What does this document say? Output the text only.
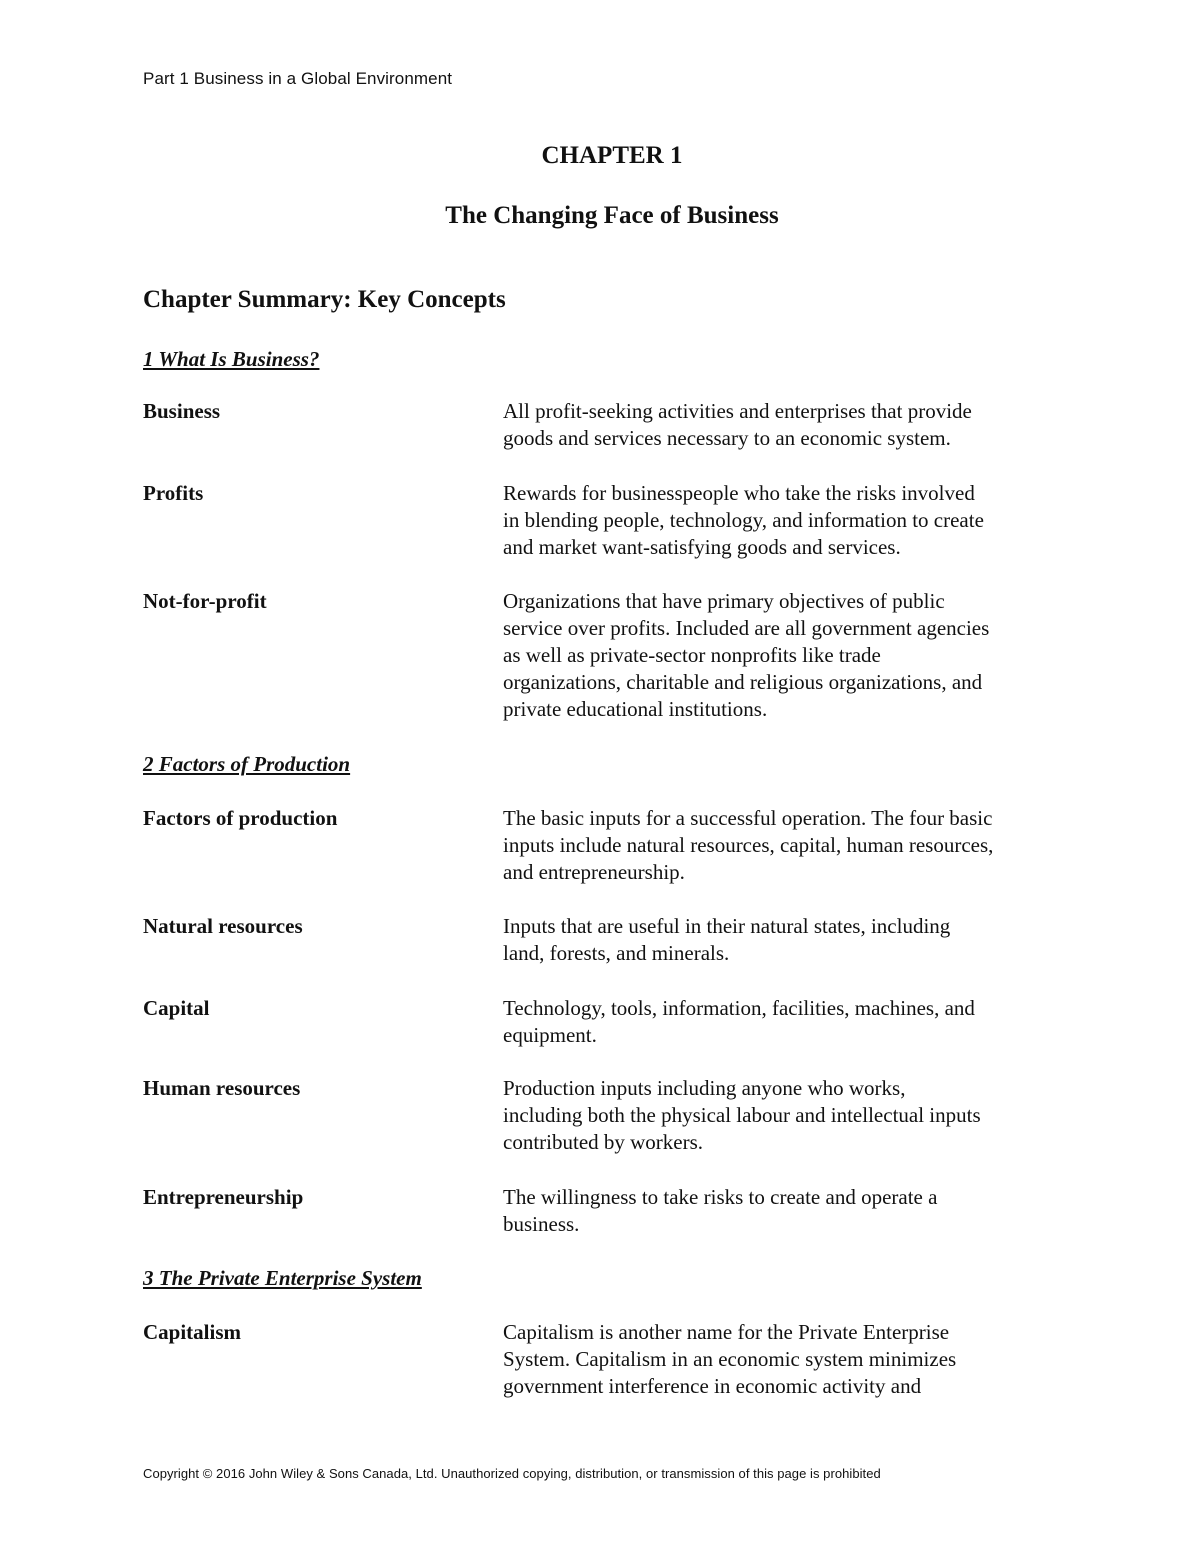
Part 1 Business in a Global Environment
CHAPTER 1
The Changing Face of Business
Chapter Summary: Key Concepts
1 What Is Business?
Business	All profit-seeking activities and enterprises that provide
goods and services necessary to an economic system.
Profits	Rewards for businesspeople who take the risks involved
in blending people, technology, and information to create
and market want-satisfying goods and services.
Not-for-profit	Organizations that have primary objectives of public
service over profits. Included are all government agencies
as well as private-sector nonprofits like trade
organizations, charitable and religious organizations, and
private educational institutions.
2 Factors of Production
Factors of production	The basic inputs for a successful operation. The four basic
inputs include natural resources, capital, human resources,
and entrepreneurship.
Natural resources	Inputs that are useful in their natural states, including
land, forests, and minerals.
Capital	Technology, tools, information, facilities, machines, and
equipment.
Human resources	Production inputs including anyone who works,
including both the physical labour and intellectual inputs
contributed by workers.
Entrepreneurship	The willingness to take risks to create and operate a
business.
3 The Private Enterprise System
Capitalism	Capitalism is another name for the Private Enterprise
System. Capitalism in an economic system minimizes
government interference in economic activity and
Copyright © 2016 John Wiley & Sons Canada, Ltd. Unauthorized copying, distribution, or transmission of this page is prohibited
